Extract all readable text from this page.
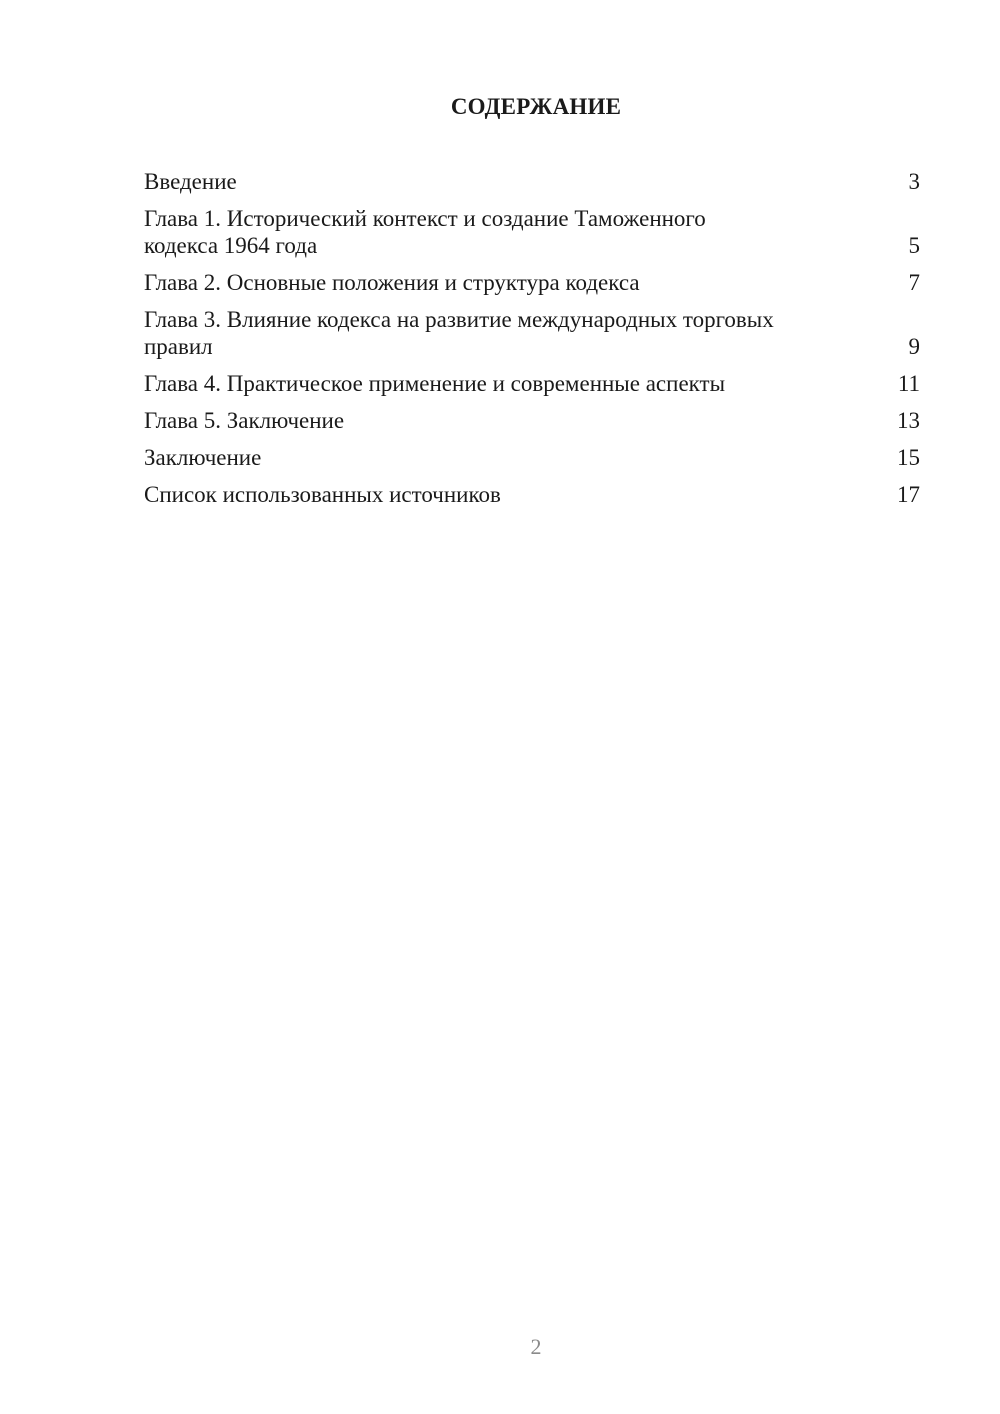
СОДЕРЖАНИЕ
Введение	3
Глава 1. Исторический контекст и создание Таможенного кодекса 1964 года	5
Глава 2. Основные положения и структура кодекса	7
Глава 3. Влияние кодекса на развитие международных торговых правил	9
Глава 4. Практическое применение и современные аспекты	11
Глава 5. Заключение	13
Заключение	15
Список использованных источников	17
2
